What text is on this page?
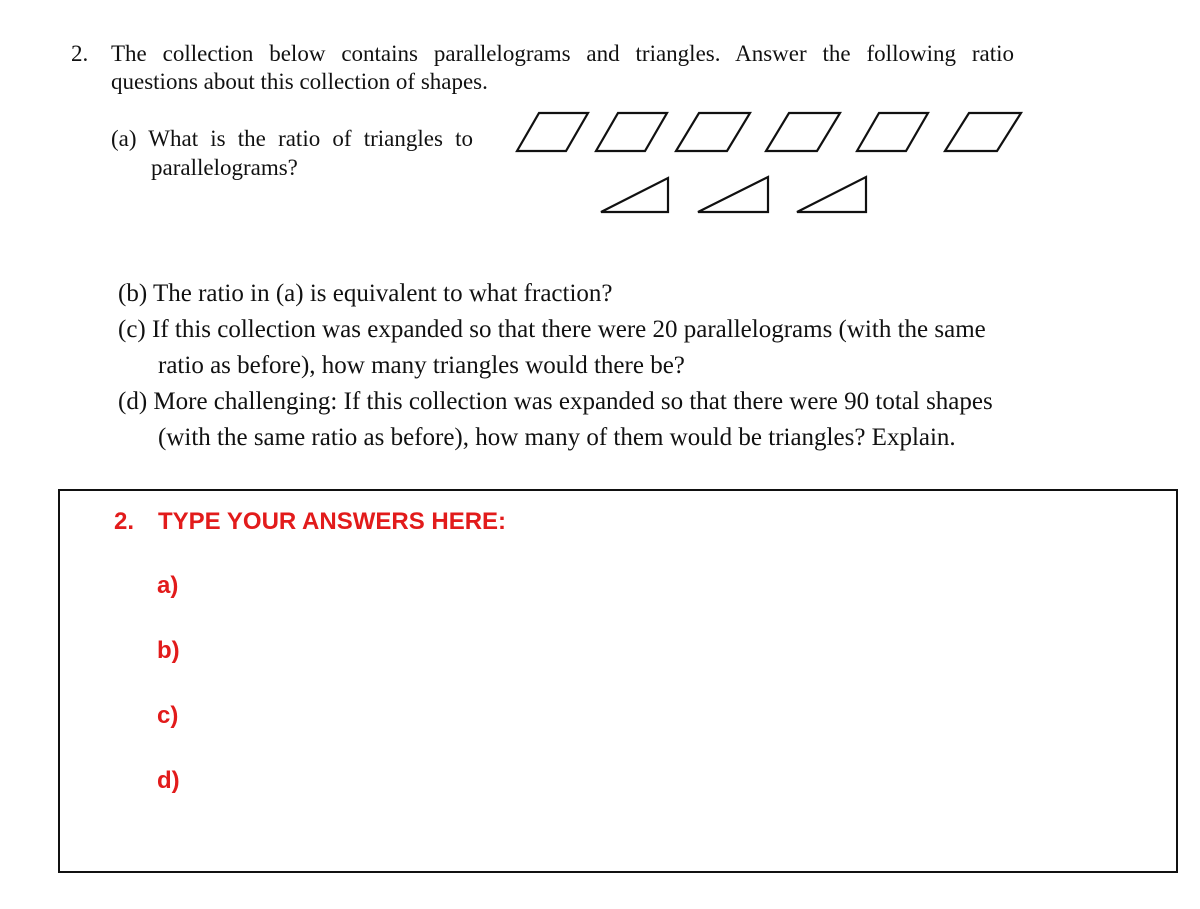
2. The collection below contains parallelograms and triangles. Answer the following ratio
questions about this collection of shapes.
(a) What is the ratio of triangles to
parallelograms?
(b) The ratio in (a) is equivalent to what fraction?
(c) If this collection was expanded so that there were 20 parallelograms (with the same
ratio as before), how many triangles would there be?
(d) More challenging: If this collection was expanded so that there were 90 total shapes
(with the same ratio as before), how many of them would be triangles? Explain.
2. TYPE YOUR ANSWERS HERE:
a)
b)
c)
d)
